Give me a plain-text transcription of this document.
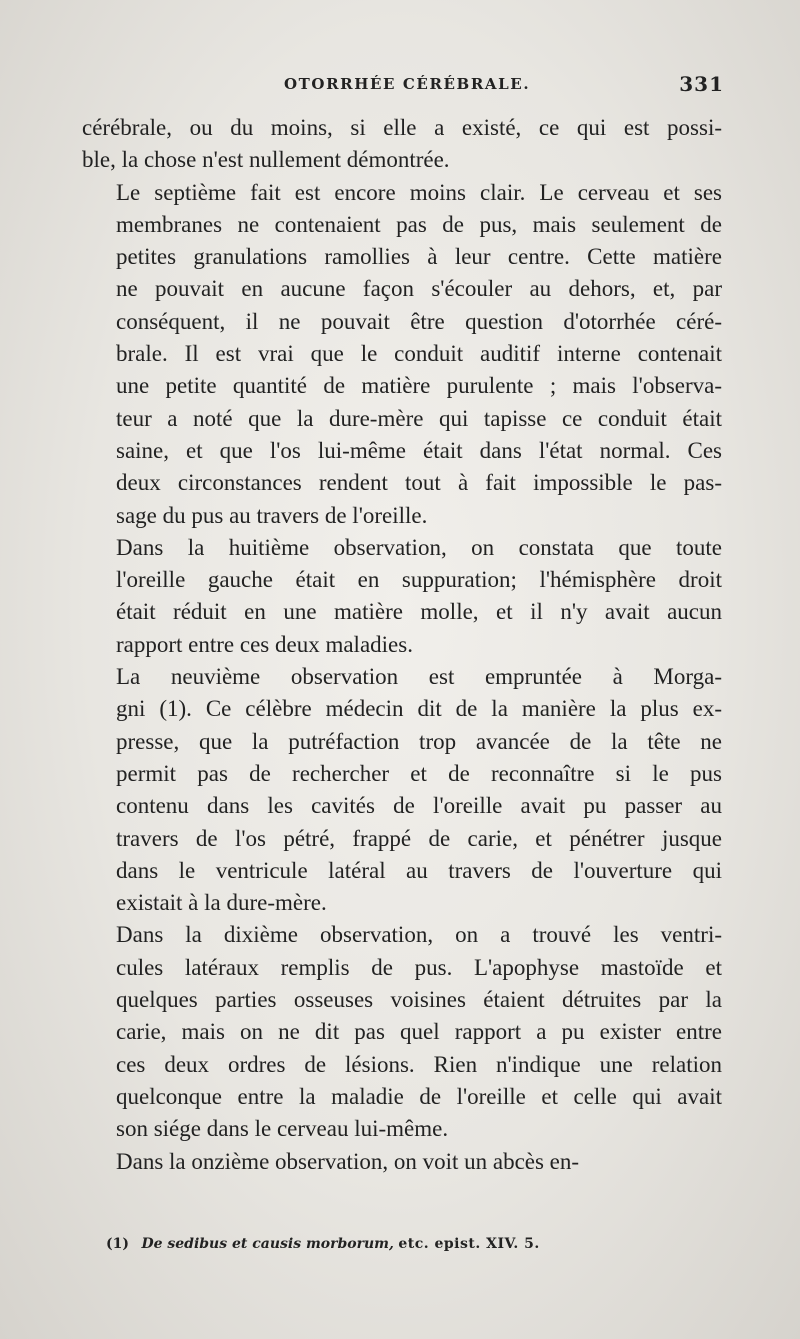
OTORRHÉE CÉRÉBRALE.	331
cérébrale, ou du moins, si elle a existé, ce qui est possi-
ble, la chose n'est nullement démontrée.
Le septième fait est encore moins clair. Le cerveau et ses
membranes ne contenaient pas de pus, mais seulement de
petites granulations ramollies à leur centre. Cette matière
ne pouvait en aucune façon s'écouler au dehors, et, par
conséquent, il ne pouvait être question d'otorrhée céré-
brale. Il est vrai que le conduit auditif interne contenait
une petite quantité de matière purulente ; mais l'observa-
teur a noté que la dure-mère qui tapisse ce conduit était
saine, et que l'os lui-même était dans l'état normal. Ces
deux circonstances rendent tout à fait impossible le pas-
sage du pus au travers de l'oreille.
Dans la huitième observation, on constata que toute
l'oreille gauche était en suppuration; l'hémisphère droit
était réduit en une matière molle, et il n'y avait aucun
rapport entre ces deux maladies.
La neuvième observation est empruntée à Morga-
gni (1). Ce célèbre médecin dit de la manière la plus ex-
presse, que la putréfaction trop avancée de la tête ne
permit pas de rechercher et de reconnaître si le pus
contenu dans les cavités de l'oreille avait pu passer au
travers de l'os pétré, frappé de carie, et pénétrer jusque
dans le ventricule latéral au travers de l'ouverture qui
existait à la dure-mère.
Dans la dixième observation, on a trouvé les ventri-
cules latéraux remplis de pus. L'apophyse mastoïde et
quelques parties osseuses voisines étaient détruites par la
carie, mais on ne dit pas quel rapport a pu exister entre
ces deux ordres de lésions. Rien n'indique une relation
quelconque entre la maladie de l'oreille et celle qui avait
son siége dans le cerveau lui-même.
Dans la onzième observation, on voit un abcès en-
(1) De sedibus et causis morborum, etc. epist. XIV. 5.
